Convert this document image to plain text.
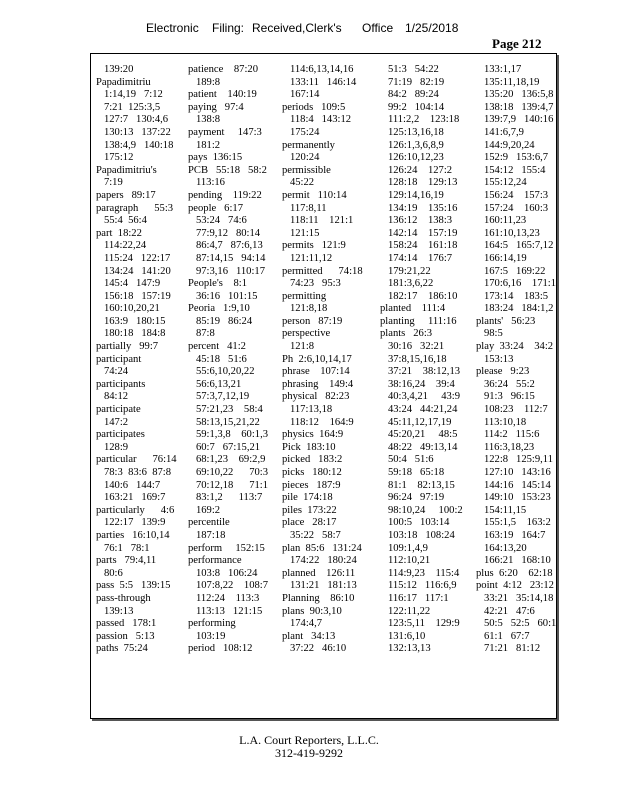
Electronic Filing: Received,Clerk's Office 1/25/2018
Page 212
139:20
Papadimitriu
1:14,19   7:12
7:21  125:3,5
127:7   130:4,6
130:13   137:22
138:4,9   140:18
175:12
Papadimitriu's
7:19
papers   89:17
paragraph      55:3
55:4  56:4
part  18:22
114:22,24
115:24   122:17
134:24   141:20
145:4   147:9
156:18   157:19
160:10,20,21
163:9   180:15
180:18   184:8
partially   99:7
participant
74:24
participants
84:12
participate
147:2
participates
128:9
particular      76:14
78:3  83:6  87:8
140:6   144:7
163:21   169:7
particularly      4:6
122:17   139:9
parties   16:10,14
76:1   78:1
parts   79:4,11
80:6
pass  5:5   139:15
pass-through
139:13
passed   178:1
passion   5:13
paths  75:24
patience    87:20
189:8
patient    140:19
paying   97:4
138:8
payment     147:3
181:2
pays  136:15
PCB   55:18   58:2
113:16
pending    119:22
people   6:17
53:24   74:6
77:9,12   80:14
86:4,7   87:6,13
87:14,15   94:14
97:3,16   110:17
People's    8:1
36:16   101:15
Peoria   1:9,10
85:19   86:24
87:8
percent   41:2
45:18   51:6
55:6,10,20,22
56:6,13,21
57:3,7,12,19
57:21,23    58:4
58:13,15,21,22
59:1,3,8    60:1,3
60:7   67:15,21
68:1,23    69:2,9
69:10,22      70:3
70:12,18      71:1
83:1,2      113:7
169:2
percentile
187:18
perform     152:15
performance
103:8   106:24
107:8,22    108:7
112:24    113:3
113:13   121:15
performing
103:19
period   108:12
114:6,13,14,16
133:11   146:14
167:14
periods   109:5
118:4   143:12
175:24
permanently
120:24
permissible
45:22
permit   110:14
117:8,11
118:11    121:1
121:15
permits   121:9
121:11,12
permitted      74:18
74:23   95:3
permitting
121:8,18
person   87:19
perspective
121:8
Ph  2:6,10,14,17
phrase    107:14
phrasing    149:4
physical   82:23
117:13,18
118:12    164:9
physics  164:9
Pick  183:10
picked   183:2
picks   180:12
pieces   187:9
pile  174:18
piles  173:22
place   28:17
35:22   58:7
plan  85:6   131:24
174:22   180:24
planned    126:11
131:21   181:13
Planning    86:10
plans  90:3,10
174:4,7
plant   34:13
37:22   46:10
51:3   54:22
71:19   82:19
84:2   89:24
99:2   104:14
111:2,2    123:18
125:13,16,18
126:1,3,6,8,9
126:10,12,23
126:24    127:2
128:18    129:13
129:14,16,19
134:19    135:16
136:12    138:3
142:14    157:19
158:24    161:18
174:14    176:7
179:21,22
181:3,6,22
182:17    186:10
planted    111:4
planting     111:16
plants   26:3
30:16   32:21
37:8,15,16,18
37:21    38:12,13
38:16,24    39:4
40:3,4,21     43:9
43:24   44:21,24
45:11,12,17,19
45:20,21     48:5
48:22   49:13,14
50:4   51:6
59:18   65:18
81:1    82:13,15
96:24   97:19
98:10,24     100:2
100:5   103:14
103:18   108:24
109:1,4,9
112:10,21
114:9,23    115:4
115:12   116:6,9
116:17   117:1
122:11,22
123:5,11    129:9
131:6,10
132:13,13
133:1,17
135:11,18,19
135:20   136:5,8
138:18   139:4,7
139:7,9   140:16
141:6,7,9
144:9,20,24
152:9   153:6,7
154:12   155:4
155:12,24
156:24    157:3
157:24    160:3
160:11,23
161:10,13,23
164:5   165:7,12
166:14,19
167:5   169:22
170:6,16    171:1
173:14    183:5
183:24   184:1,2
plants'   56:23
98:5
play  33:24    34:2
153:13
please   9:23
36:24   55:2
91:3   96:15
108:23    112:7
113:10,18
114:2   115:6
116:3,18,23
122:8   125:9,11
127:10   143:16
144:16   145:14
149:10   153:23
154:11,15
155:1,5    163:2
163:19   164:7
164:13,20
166:21   168:10
plus  6:20    62:18
point  4:12   23:12
33:21   35:14,18
42:21   47:6
50:5   52:5   60:1
61:1   67:7
71:21   81:12
L.A. Court Reporters, L.L.C.
312-419-9292
